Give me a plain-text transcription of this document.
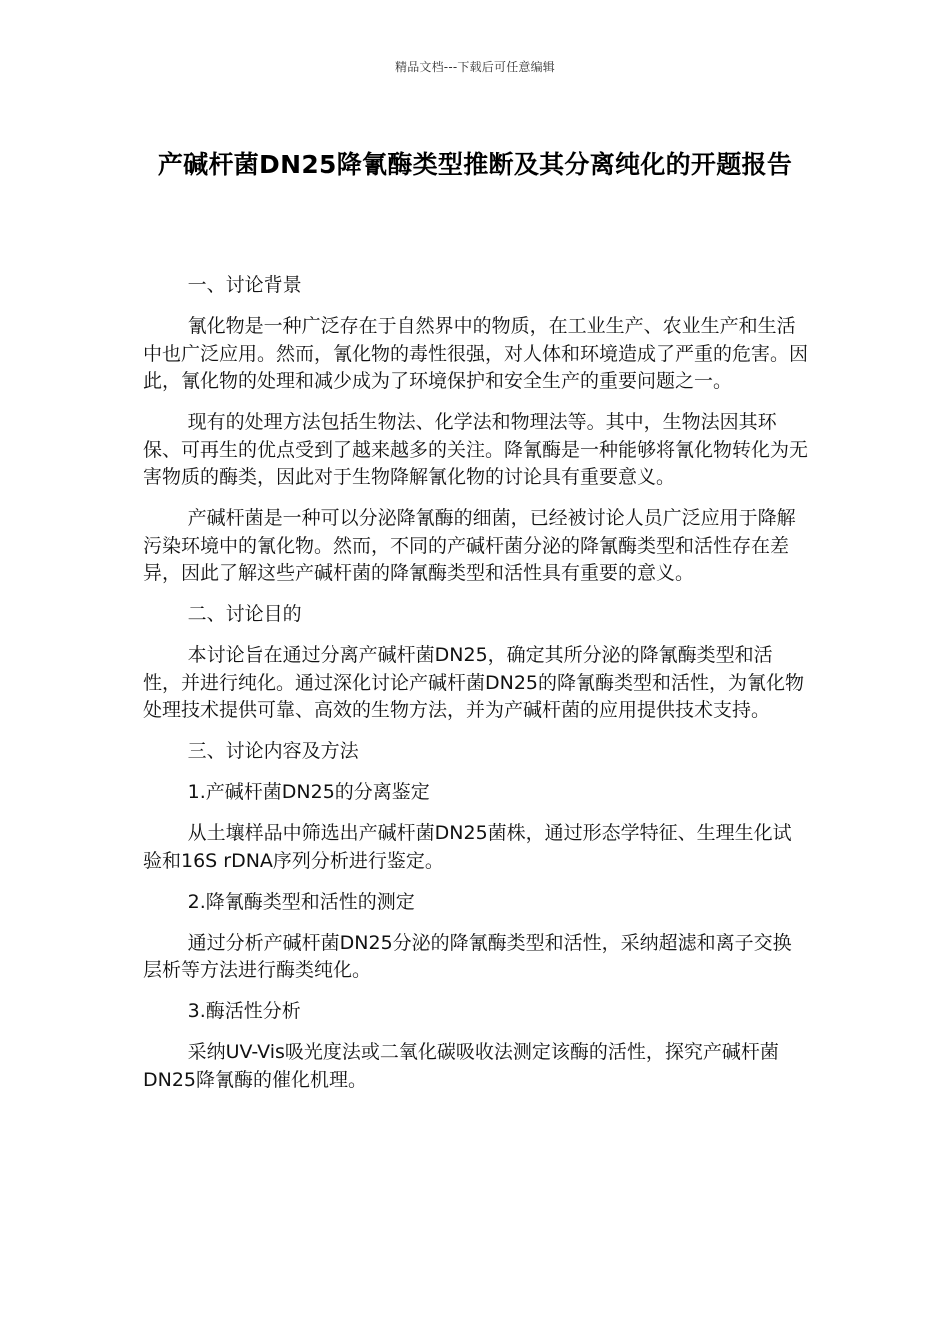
精品文档---下载后可任意编辑
产碱杆菌DN25降氰酶类型推断及其分离纯化的开题报告

一、讨论背景

氰化物是一种广泛存在于自然界中的物质，在工业生产、农业生产和生活中也广泛应用。然而，氰化物的毒性很强，对人体和环境造成了严重的危害。因此，氰化物的处理和减少成为了环境保护和安全生产的重要问题之一。

现有的处理方法包括生物法、化学法和物理法等。其中，生物法因其环保、可再生的优点受到了越来越多的关注。降氰酶是一种能够将氰化物转化为无害物质的酶类，因此对于生物降解氰化物的讨论具有重要意义。

产碱杆菌是一种可以分泌降氰酶的细菌，已经被讨论人员广泛应用于降解污染环境中的氰化物。然而，不同的产碱杆菌分泌的降氰酶类型和活性存在差异，因此了解这些产碱杆菌的降氰酶类型和活性具有重要的意义。

二、讨论目的

本讨论旨在通过分离产碱杆菌DN25，确定其所分泌的降氰酶类型和活性，并进行纯化。通过深化讨论产碱杆菌DN25的降氰酶类型和活性，为氰化物处理技术提供可靠、高效的生物方法，并为产碱杆菌的应用提供技术支持。

三、讨论内容及方法

1.产碱杆菌DN25的分离鉴定

从土壤样品中筛选出产碱杆菌DN25菌株，通过形态学特征、生理生化试验和16S rDNA序列分析进行鉴定。

2.降氰酶类型和活性的测定

通过分析产碱杆菌DN25分泌的降氰酶类型和活性，采纳超滤和离子交换层析等方法进行酶类纯化。

3.酶活性分析

采纳UV-Vis吸光度法或二氧化碳吸收法测定该酶的活性，探究产碱杆菌DN25降氰酶的催化机理。
